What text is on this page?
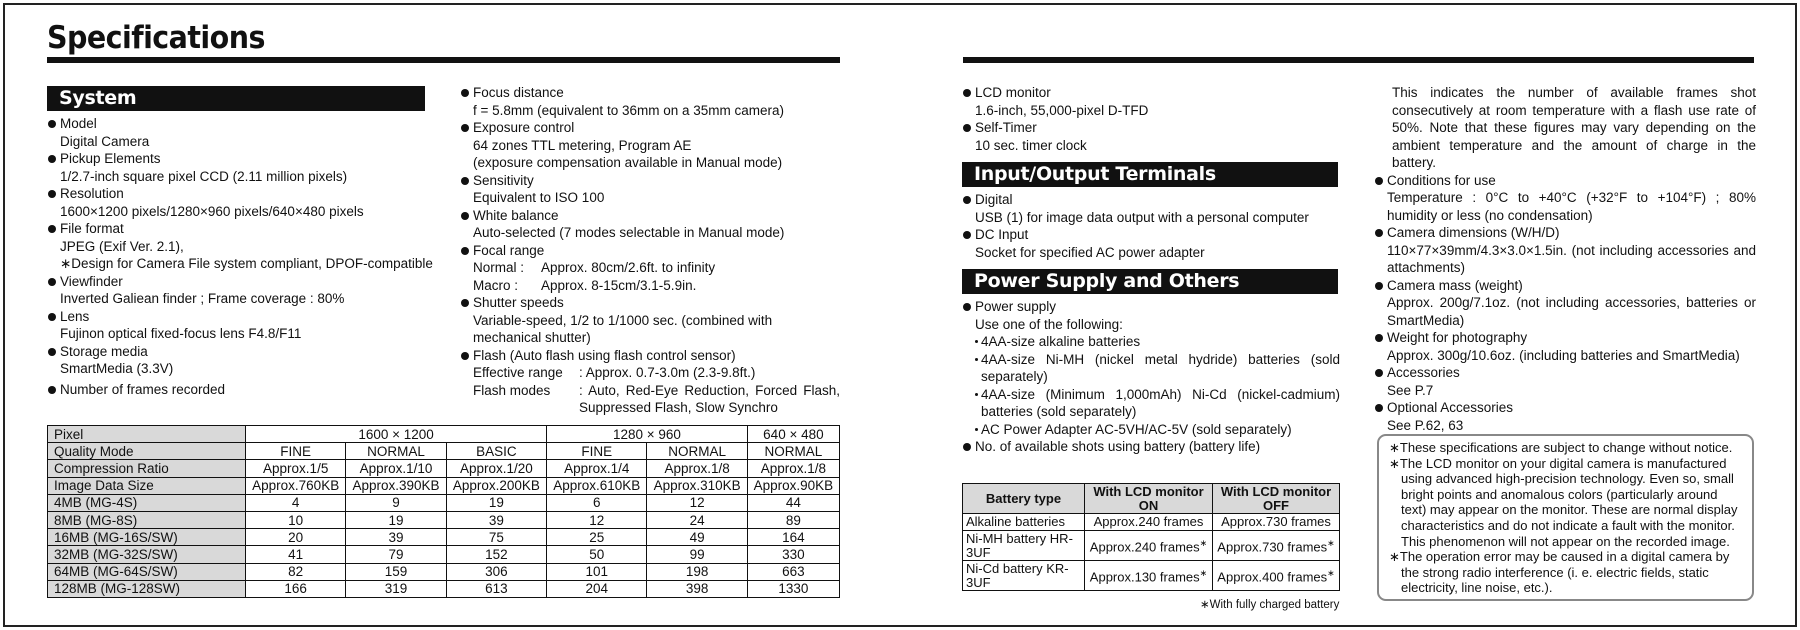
Specifications
System
Model
Digital Camera
Pickup Elements
1/2.7-inch square pixel CCD (2.11 million pixels)
Resolution
1600×1200 pixels/1280×960 pixels/640×480 pixels
File format
JPEG (Exif Ver. 2.1),
∗Design for Camera File system compliant, DPOF-compatible
Viewfinder
Inverted Galiean finder ; Frame coverage : 80%
Lens
Fujinon optical fixed-focus lens F4.8/F11
Storage media
SmartMedia (3.3V)
Number of frames recorded
Focus distance
f = 5.8mm (equivalent to 36mm on a 35mm camera)
Exposure control
64 zones TTL metering, Program AE
(exposure compensation available in Manual mode)
Sensitivity
Equivalent to ISO 100
White balance
Auto-selected (7 modes selectable in Manual mode)
Focal range
Normal :	Approx. 80cm/2.6ft. to infinity
Macro :	Approx. 8-15cm/3.1-5.9in.
Shutter speeds
Variable-speed, 1/2 to 1/1000 sec. (combined with mechanical shutter)
Flash (Auto flash using flash control sensor)
Effective range	: Approx. 0.7-3.0m (2.3-9.8ft.)
Flash modes	: Auto, Red-Eye Reduction, Forced Flash, Suppressed Flash, Slow Synchro
Pixel	1600 × 1200			1280 × 960		640 × 480
Quality Mode	FINE	NORMAL	BASIC	FINE	NORMAL	NORMAL
Compression Ratio	Approx.1/5	Approx.1/10	Approx.1/20	Approx.1/4	Approx.1/8	Approx.1/8
Image Data Size	Approx.760KB	Approx.390KB	Approx.200KB	Approx.610KB	Approx.310KB	Approx.90KB
4MB (MG-4S)	4	9	19	6	12	44
8MB (MG-8S)	10	19	39	12	24	89
16MB (MG-16S/SW)	20	39	75	25	49	164
32MB (MG-32S/SW)	41	79	152	50	99	330
64MB (MG-64S/SW)	82	159	306	101	198	663
128MB (MG-128SW)	166	319	613	204	398	1330
LCD monitor
1.6-inch, 55,000-pixel D-TFD
Self-Timer
10 sec. timer clock
Input/Output Terminals
Digital
USB (1) for image data output with a personal computer
DC Input
Socket for specified AC power adapter
Power Supply and Others
Power supply
Use one of the following:
4AA-size alkaline batteries
4AA-size Ni-MH (nickel metal hydride) batteries (sold separately)
4AA-size (Minimum 1,000mAh) Ni-Cd (nickel-cadmium) batteries (sold separately)
AC Power Adapter AC-5VH/AC-5V (sold separately)
No. of available shots using battery (battery life)
Battery type	With LCD monitor ON	With LCD monitor OFF
Alkaline batteries	Approx.240 frames	Approx.730 frames
Ni-MH battery HR-3UF	Approx.240 frames∗	Approx.730 frames∗
Ni-Cd battery KR-3UF	Approx.130 frames∗	Approx.400 frames∗
∗With fully charged battery
This indicates the number of available frames shot consecutively at room temperature with a flash use rate of 50%. Note that these figures may vary depending on the ambient temperature and the amount of charge in the battery.
Conditions for use
Temperature : 0°C to +40°C (+32°F to +104°F) ; 80% humidity or less (no condensation)
Camera dimensions (W/H/D)
110×77×39mm/4.3×3.0×1.5in. (not including accessories and attachments)
Camera mass (weight)
Approx. 200g/7.1oz. (not including accessories, batteries or SmartMedia)
Weight for photography
Approx. 300g/10.6oz. (including batteries and SmartMedia)
Accessories
See P.7
Optional Accessories
See P.62, 63
∗These specifications are subject to change without notice.
∗The LCD monitor on your digital camera is manufactured using advanced high-precision technology. Even so, small bright points and anomalous colors (particularly around text) may appear on the monitor. These are normal display characteristics and do not indicate a fault with the monitor. This phenomenon will not appear on the recorded image.
∗The operation error may be caused in a digital camera by the strong radio interference (i. e. electric fields, static electricity, line noise, etc.).
